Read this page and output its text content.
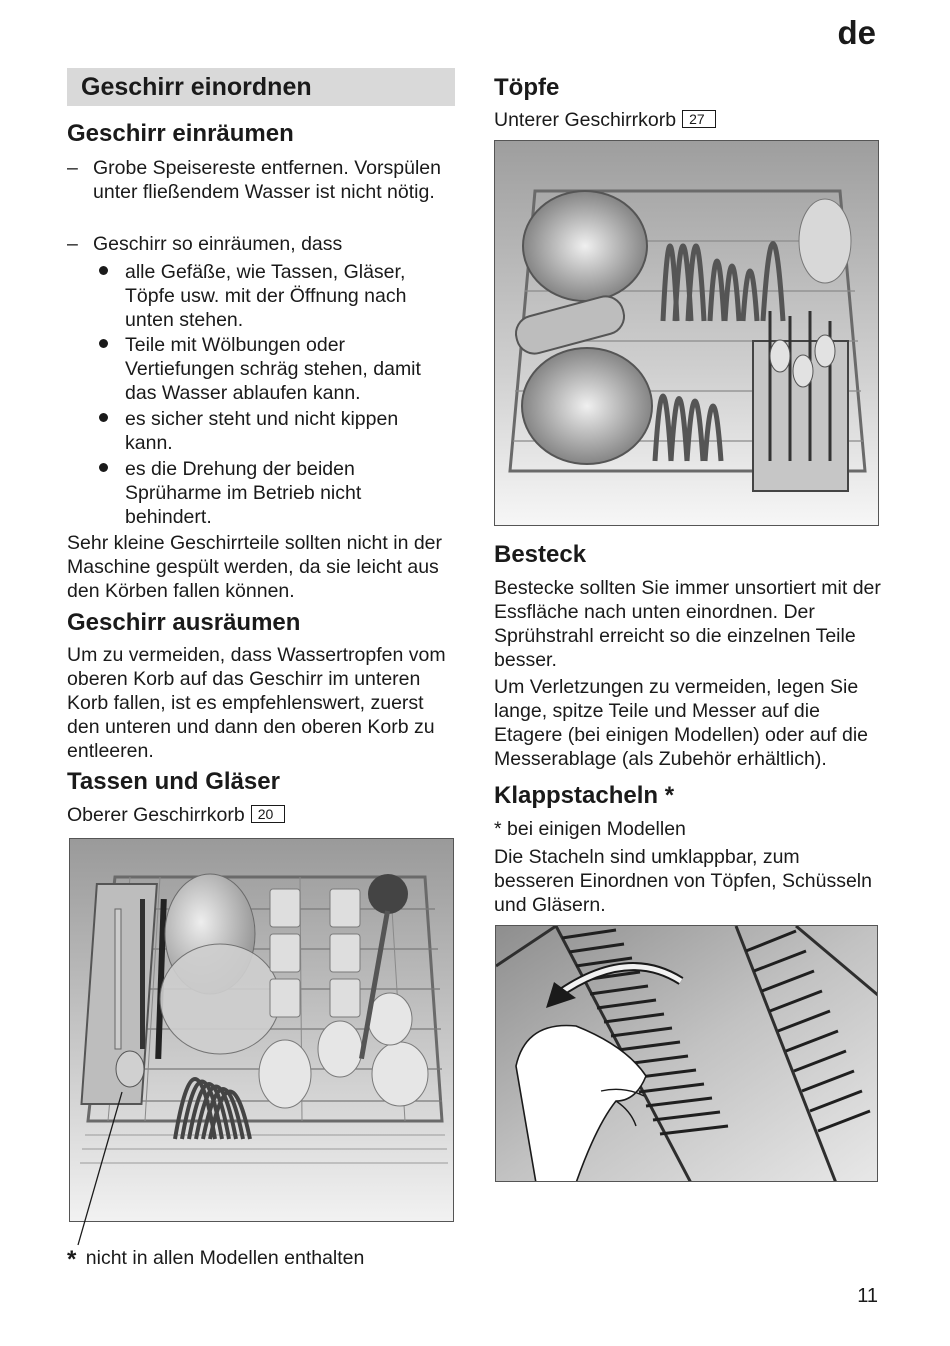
de
Geschirr einordnen
Geschirr einräumen
– Grobe Speisereste entfernen. Vorspülen unter fließendem Wasser ist nicht nötig.
– Geschirr so einräumen, dass
alle Gefäße, wie Tassen, Gläser, Töpfe usw. mit der Öffnung nach unten stehen.
Teile mit Wölbungen oder Vertiefungen schräg stehen, damit das Wasser ablaufen kann.
es sicher steht und nicht kippen kann.
es die Drehung der beiden Sprüharme im Betrieb nicht behindert.
Sehr kleine Geschirrteile sollten nicht in der Maschine gespült werden, da sie leicht aus den Körben fallen können.
Geschirr ausräumen
Um zu vermeiden, dass Wassertropfen vom oberen Korb auf das Geschirr im unteren Korb fallen, ist es empfehlenswert, zuerst den unteren und dann den oberen Korb zu entleeren.
Tassen und Gläser
Oberer Geschirrkorb 20
* nicht in allen Modellen enthalten
Töpfe
Unterer Geschirrkorb 27
Besteck
Bestecke sollten Sie immer unsortiert mit der Essfläche nach unten einordnen. Der Sprühstrahl erreicht so die einzelnen Teile besser.
Um Verletzungen zu vermeiden, legen Sie lange, spitze Teile und Messer auf die Etagere (bei einigen Modellen) oder auf die Messerablage (als Zubehör erhältlich).
Klappstacheln *
* bei einigen Modellen
Die Stacheln sind umklappbar, zum besseren Einordnen von Töpfen, Schüsseln und Gläsern.
11
